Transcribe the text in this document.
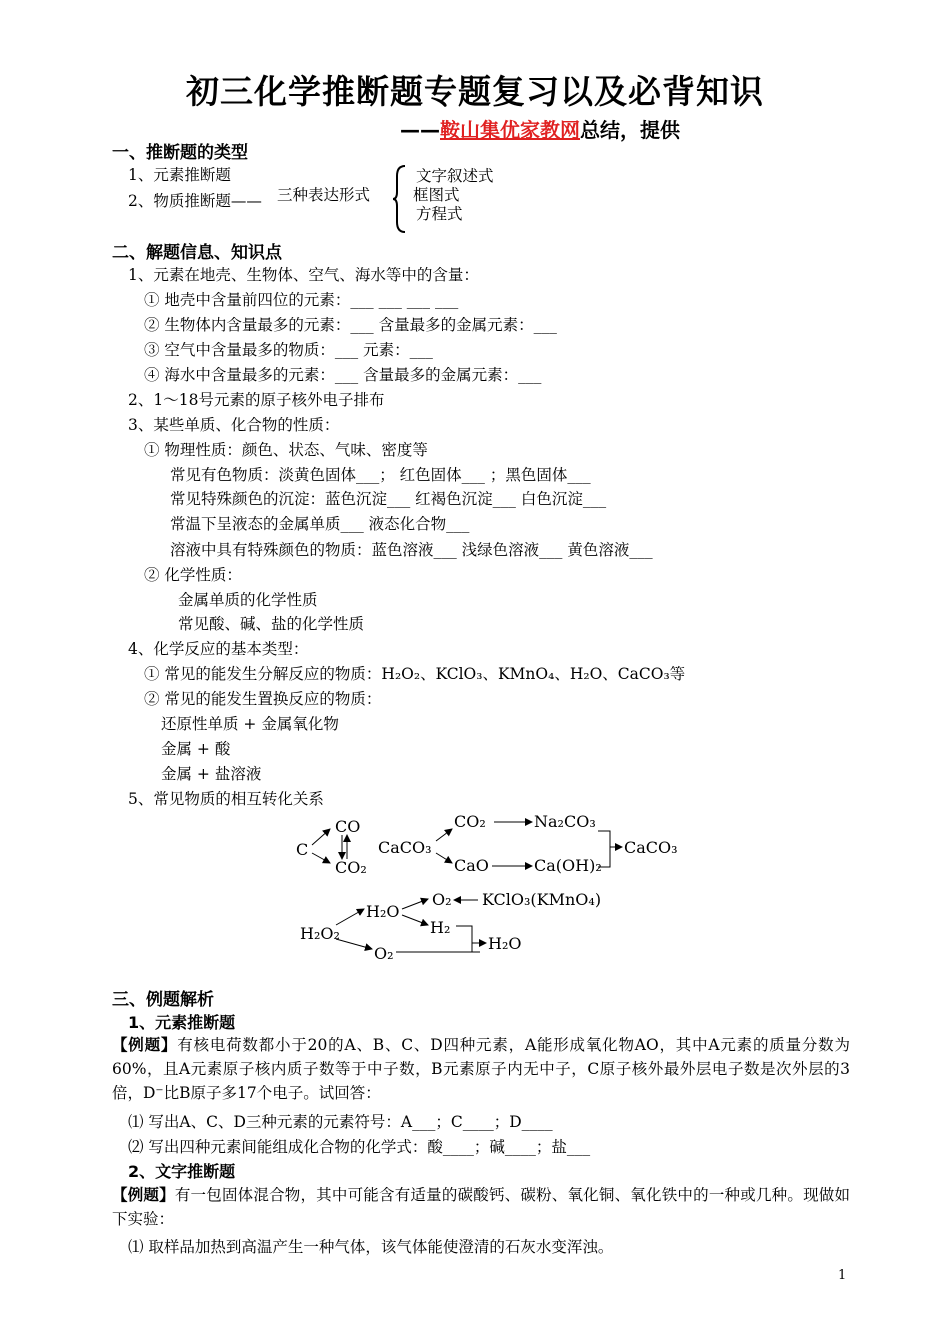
初三化学推断题专题复习以及必背知识
——鞍山集优家教网总结，提供
一、推断题的类型
1、元素推断题
2、物质推断题—— 三种表达形式
文字叙述式
框图式
方程式
二、解题信息、知识点
1、元素在地壳、生物体、空气、海水等中的含量：
① 地壳中含量前四位的元素：___ ___ ___ ___
② 生物体内含量最多的元素：___ 含量最多的金属元素：___
③ 空气中含量最多的物质：___ 元素：___
④ 海水中含量最多的元素：___ 含量最多的金属元素：___
2、1～18号元素的原子核外电子排布
3、某些单质、化合物的性质：
① 物理性质：颜色、状态、气味、密度等
常见有色物质：淡黄色固体___； 红色固体___ ；黑色固体___
常见特殊颜色的沉淀：蓝色沉淀___ 红褐色沉淀___ 白色沉淀___
常温下呈液态的金属单质___ 液态化合物___
溶液中具有特殊颜色的物质：蓝色溶液___ 浅绿色溶液___ 黄色溶液___
② 化学性质：
金属单质的化学性质
常见酸、碱、盐的化学性质
4、化学反应的基本类型：
① 常见的能发生分解反应的物质：H₂O₂、KClO₃、KMnO₄、H₂O、CaCO₃等
② 常见的能发生置换反应的物质：
还原性单质 + 金属氧化物
金属 + 酸
金属 + 盐溶液
5、常见物质的相互转化关系
C
CO
CO₂
CaCO₃
CO₂	Na₂CO₃
CaO	Ca(OH)₂
CaCO₃
H₂O₂
H₂O
O₂ KClO₃(KMnO₄)
H₂
O₂
H₂O
三、例题解析
1、元素推断题
【例题】有核电荷数都小于20的A、B、C、D四种元素，A能形成氧化物AO，其中A元素的质量分数为60%，且A元素原子核内质子数等于中子数，B元素原子内无中子，C原子核外最外层电子数是次外层的3倍，D⁻比B原子多17个电子。试回答：
⑴ 写出A、C、D三种元素的元素符号：A___；C____；D____
⑵ 写出四种元素间能组成化合物的化学式：酸____；碱____；盐___
2、文字推断题
【例题】有一包固体混合物，其中可能含有适量的碳酸钙、碳粉、氧化铜、氧化铁中的一种或几种。现做如下实验：
⑴ 取样品加热到高温产生一种气体，该气体能使澄清的石灰水变浑浊。
1
